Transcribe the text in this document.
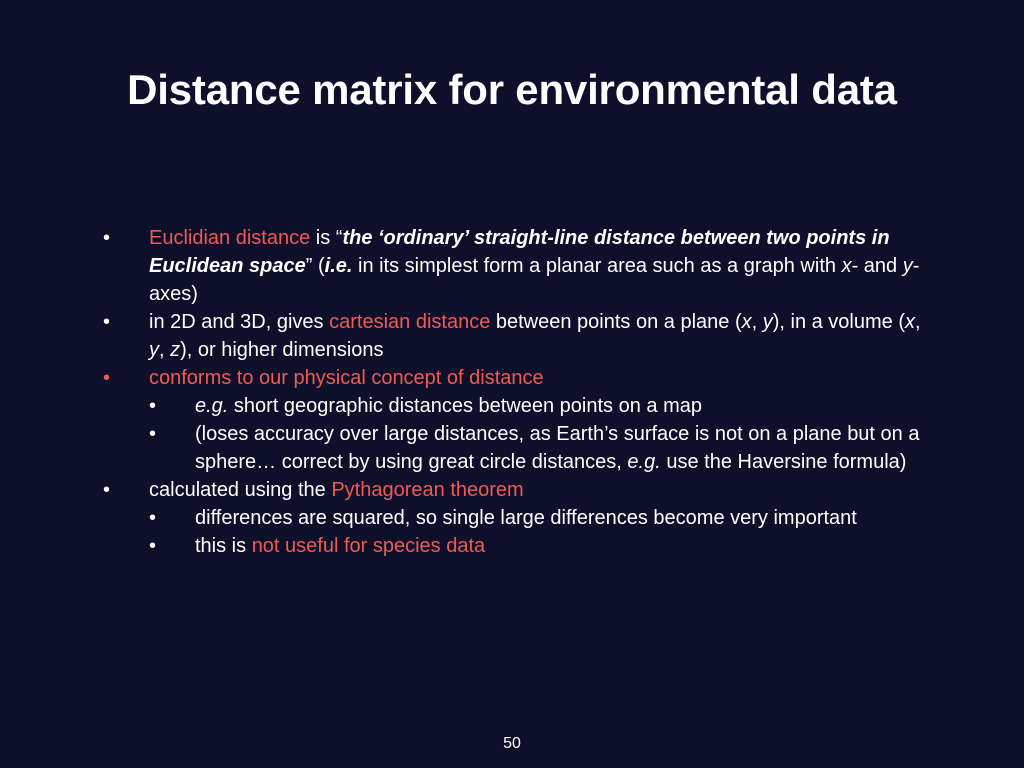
Distance matrix for environmental data
• Euclidian distance is “the ‘ordinary’ straight-line distance between two points in Euclidean space” (i.e. in its simplest form a planar area such as a graph with x- and y-axes)
• in 2D and 3D, gives cartesian distance between points on a plane (x, y), in a volume (x, y, z), or higher dimensions
• conforms to our physical concept of distance
• e.g. short geographic distances between points on a map
• (loses accuracy over large distances, as Earth’s surface is not on a plane but on a sphere… correct by using great circle distances, e.g. use the Haversine formula)
• calculated using the Pythagorean theorem
• differences are squared, so single large differences become very important
• this is not useful for species data
50
